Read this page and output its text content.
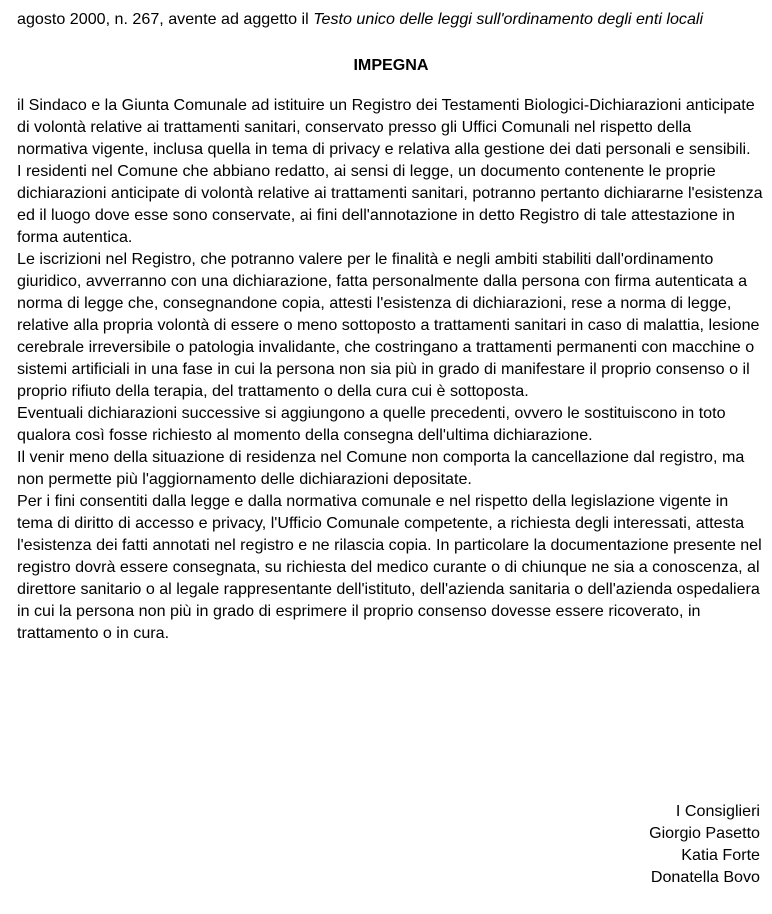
agosto 2000, n. 267, avente ad aggetto il Testo unico delle leggi sull'ordinamento degli enti locali

IMPEGNA

il Sindaco e la Giunta Comunale ad istituire un Registro dei Testamenti Biologici-Dichiarazioni anticipate di volontà relative ai trattamenti sanitari, conservato presso gli Uffici Comunali nel rispetto della normativa vigente, inclusa quella in tema di privacy e relativa alla gestione dei dati personali e sensibili.

I residenti nel Comune che abbiano redatto, ai sensi di legge, un documento contenente le proprie dichiarazioni anticipate di volontà relative ai trattamenti sanitari, potranno pertanto dichiararne l'esistenza ed il luogo dove esse sono conservate, ai fini dell'annotazione in detto Registro di tale attestazione in forma autentica.

Le iscrizioni nel Registro, che potranno valere per le finalità e negli ambiti stabiliti dall'ordinamento giuridico, avverranno con una dichiarazione, fatta personalmente dalla persona con firma autenticata a norma di legge che, consegnandone copia, attesti l'esistenza di dichiarazioni, rese a norma di legge, relative alla propria volontà di essere o meno sottoposto a trattamenti sanitari in caso di malattia, lesione cerebrale irreversibile o patologia invalidante, che costringano a trattamenti permanenti con macchine o sistemi artificiali in una fase in cui la persona non sia più in grado di manifestare il proprio consenso o il proprio rifiuto della terapia, del trattamento o della cura cui è sottoposta.

Eventuali dichiarazioni successive si aggiungono a quelle precedenti, ovvero le sostituiscono in toto qualora così fosse richiesto al momento della consegna dell'ultima dichiarazione.

Il venir meno della situazione di residenza nel Comune non comporta la cancellazione dal registro, ma non permette più l'aggiornamento delle dichiarazioni depositate.

Per i fini consentiti dalla legge e dalla normativa comunale e nel rispetto della legislazione vigente in tema di diritto di accesso e privacy, l'Ufficio Comunale competente, a richiesta degli interessati, attesta l'esistenza dei fatti annotati nel registro e ne rilascia copia. In particolare la documentazione presente nel registro dovrà essere consegnata, su richiesta del medico curante o di chiunque ne sia a conoscenza, al direttore sanitario o al legale rappresentante dell'istituto, dell'azienda sanitaria o dell'azienda ospedaliera in cui la persona non più in grado di esprimere il proprio consenso dovesse essere ricoverato, in trattamento o in cura.

I Consiglieri
Giorgio Pasetto
Katia Forte
Donatella Bovo
